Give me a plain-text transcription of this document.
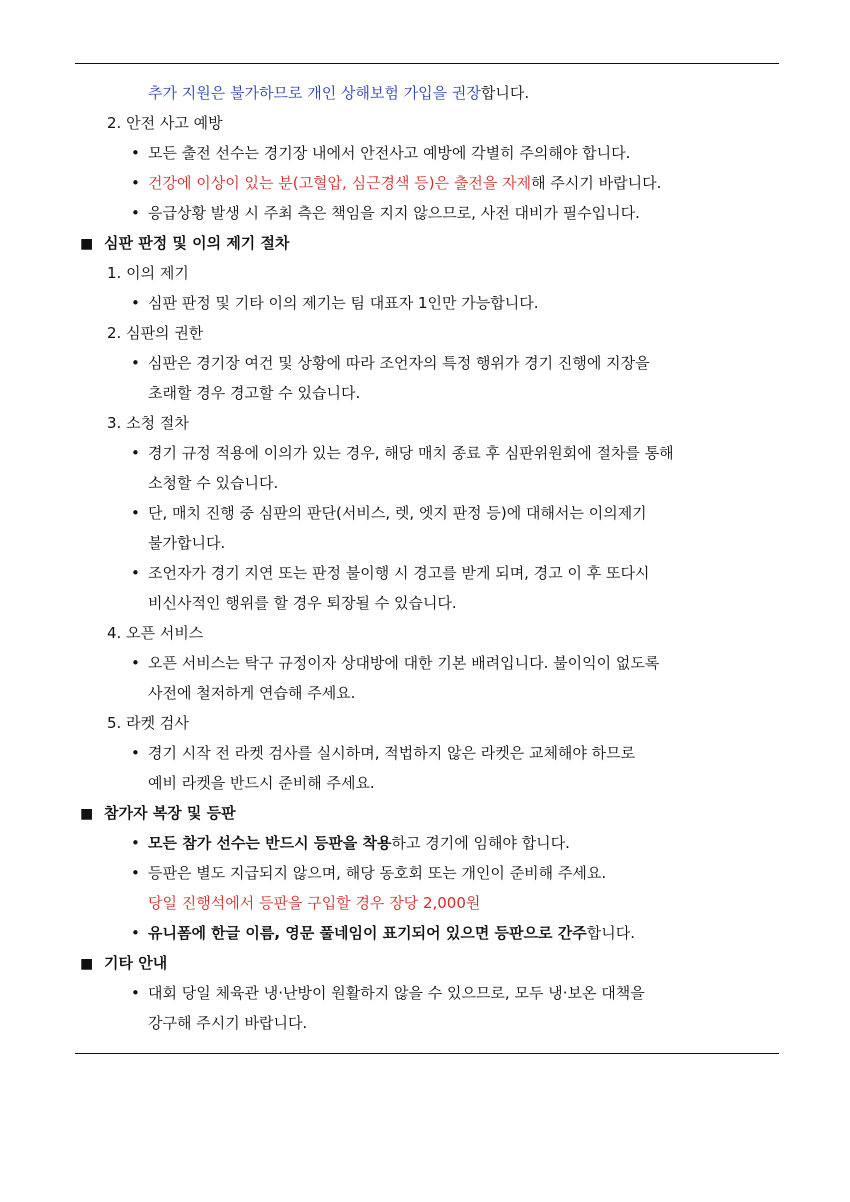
추가 지원은 불가하므로 개인 상해보험 가입을 권장합니다.
2. 안전 사고 예방
• 모든 출전 선수는 경기장 내에서 안전사고 예방에 각별히 주의해야 합니다.
• 건강에 이상이 있는 분(고혈압, 심근경색 등)은 출전을 자제해 주시기 바랍니다.
• 응급상황 발생 시 주최 측은 책임을 지지 않으므로, 사전 대비가 필수입니다.
■ 심판 판정 및 이의 제기 절차
1. 이의 제기
• 심판 판정 및 기타 이의 제기는 팀 대표자 1인만 가능합니다.
2. 심판의 권한
• 심판은 경기장 여건 및 상황에 따라 조언자의 특정 행위가 경기 진행에 지장을
초래할 경우 경고할 수 있습니다.
3. 소청 절차
• 경기 규정 적용에 이의가 있는 경우, 해당 매치 종료 후 심판위원회에 절차를 통해
소청할 수 있습니다.
• 단, 매치 진행 중 심판의 판단(서비스, 렛, 엣지 판정 등)에 대해서는 이의제기
불가합니다.
• 조언자가 경기 지연 또는 판정 불이행 시 경고를 받게 되며, 경고 이 후 또다시
비신사적인 행위를 할 경우 퇴장될 수 있습니다.
4. 오픈 서비스
• 오픈 서비스는 탁구 규정이자 상대방에 대한 기본 배려입니다. 불이익이 없도록
사전에 철저하게 연습해 주세요.
5. 라켓 검사
• 경기 시작 전 라켓 검사를 실시하며, 적법하지 않은 라켓은 교체해야 하므로
예비 라켓을 반드시 준비해 주세요.
■ 참가자 복장 및 등판
• 모든 참가 선수는 반드시 등판을 착용하고 경기에 임해야 합니다.
• 등판은 별도 지급되지 않으며, 해당 동호회 또는 개인이 준비해 주세요.
당일 진행석에서 등판을 구입할 경우 장당 2,000원
• 유니폼에 한글 이름, 영문 풀네임이 표기되어 있으면 등판으로 간주합니다.
■ 기타 안내
• 대회 당일 체육관 냉·난방이 원활하지 않을 수 있으므로, 모두 냉·보온 대책을
강구해 주시기 바랍니다.
